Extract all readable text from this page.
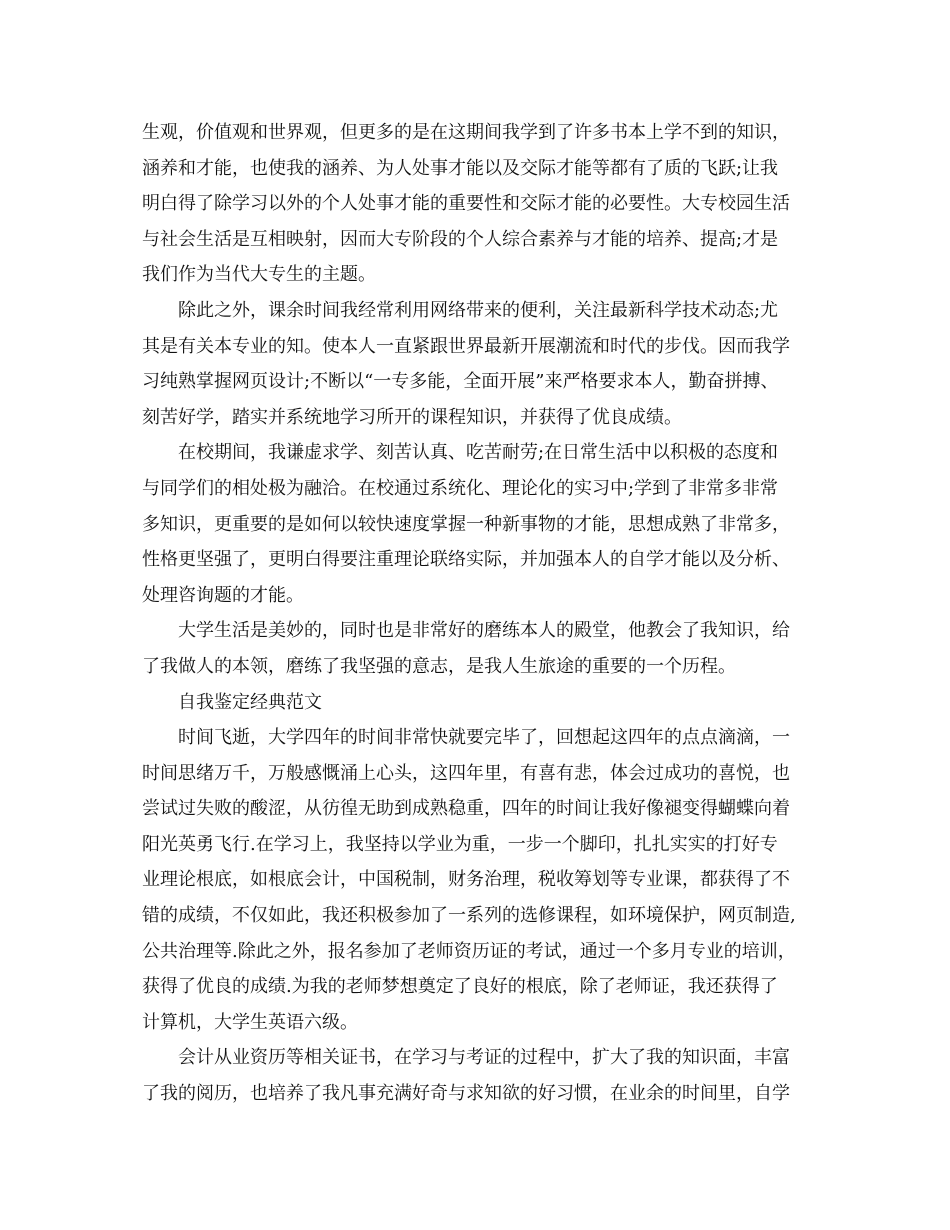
生观，价值观和世界观，但更多的是在这期间我学到了许多书本上学不到的知识，
涵养和才能，也使我的涵养、为人处事才能以及交际才能等都有了质的飞跃;让我
明白得了除学习以外的个人处事才能的重要性和交际才能的必要性。大专校园生活
与社会生活是互相映射，因而大专阶段的个人综合素养与才能的培养、提高;才是
我们作为当代大专生的主题。
除此之外，课余时间我经常利用网络带来的便利，关注最新科学技术动态;尤
其是有关本专业的知。使本人一直紧跟世界最新开展潮流和时代的步伐。因而我学
习纯熟掌握网页设计;不断以“一专多能，全面开展”来严格要求本人，勤奋拼搏、
刻苦好学，踏实并系统地学习所开的课程知识，并获得了优良成绩。
在校期间，我谦虚求学、刻苦认真、吃苦耐劳;在日常生活中以积极的态度和
与同学们的相处极为融洽。在校通过系统化、理论化的实习中;学到了非常多非常
多知识，更重要的是如何以较快速度掌握一种新事物的才能，思想成熟了非常多，
性格更坚强了，更明白得要注重理论联络实际，并加强本人的自学才能以及分析、
处理咨询题的才能。
大学生活是美妙的，同时也是非常好的磨练本人的殿堂，他教会了我知识，给
了我做人的本领，磨练了我坚强的意志，是我人生旅途的重要的一个历程。
自我鉴定经典范文
时间飞逝，大学四年的时间非常快就要完毕了，回想起这四年的点点滴滴，一
时间思绪万千，万般感慨涌上心头，这四年里，有喜有悲，体会过成功的喜悦，也
尝试过失败的酸涩，从彷徨无助到成熟稳重，四年的时间让我好像褪变得蝴蝶向着
阳光英勇飞行.在学习上，我坚持以学业为重，一步一个脚印，扎扎实实的打好专
业理论根底，如根底会计，中国税制，财务治理，税收筹划等专业课，都获得了不
错的成绩，不仅如此，我还积极参加了一系列的选修课程，如环境保护，网页制造,
公共治理等.除此之外，报名参加了老师资历证的考试，通过一个多月专业的培训，
获得了优良的成绩.为我的老师梦想奠定了良好的根底，除了老师证，我还获得了
计算机，大学生英语六级。
会计从业资历等相关证书，在学习与考证的过程中，扩大了我的知识面，丰富
了我的阅历，也培养了我凡事充满好奇与求知欲的好习惯，在业余的时间里，自学
